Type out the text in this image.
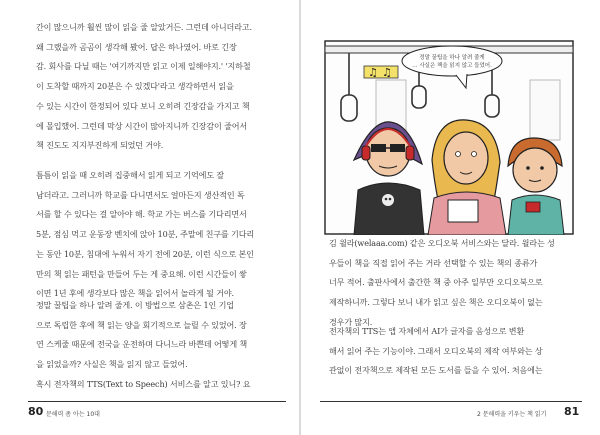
간이 많으니까 훨씬 많이 읽을 줄 알았거든. 그런데 아니더라고.
왜 그랬을까 곰곰이 생각해 봤어. 답은 하나였어. 바로 긴장
감. 회사를 다닐 때는 '여기까지만 읽고 이제 일해야지.' '지하철
이 도착할 때까지 20분은 수 있겠다'라고 생각하면서 읽을
수 있는 시간이 한정되어 있다 보니 오히려 긴장감을 가지고 책
에 몰입했어. 그런데 막상 시간이 많아지니까 긴장감이 줄어서
책 진도도 지지부진하게 되었던 거야.

틈틈이 읽을 때 오히려 집중해서 읽게 되고 기억에도 잘
남더라고. 그러니까 학교를 다니면서도 얼마든지 생산적인 독
서를 할 수 있다는 걸 알아야 해. 학교 가는 버스를 기다리면서
5분, 점심 먹고 운동장 벤치에 앉아 10분, 주말에 친구를 기다리
는 동안 10분, 침대에 누워서 자기 전에 20분, 이런 식으로 본인
만의 책 읽는 패턴을 만들어 두는 게 중요해. 이런 시간들이 쌓
이면 1년 후에 생각보다 많은 책을 읽어서 놀라게 될 거야.

정말 꿀팁을 하나 알려 줄게. 이 방법으로 삼촌은 1인 기업
으로 독립한 후에 책 읽는 양을 회기적으로 늘릴 수 있었어. 장
연 스케줄 때문에 전국을 운전하며 다니느라 바쁜데 어떻게 책
을 읽었을까? 사실은 책을 읽지 않고 들었어.

혹시 전자책의 TTS(Text to Speech) 서비스를 알고 있니? 요

80 문해력 좀 아는 10대
♫ ♫
정말 꿀팁을 하나 알려 줄게
… 사실은 책을 읽지 않고 들었어.

김 윌라(welaaa.com) 같은 오디오북 서비스와는 달라. 윌라는 성
우들이 책을 직접 읽어 주는 거라 선택할 수 있는 책의 종류가
너무 적어. 출판사에서 출간한 책 중 아주 일부만 오디오북으로
제작하니까. 그렇다 보니 내가 읽고 싶은 책은 오디오북이 없는
경우가 많지.

전자책의 TTS는 앱 자체에서 AI가 글자를 음성으로 변환
해서 읽어 주는 기능이야. 그래서 오디오북의 제작 여부와는 상
관없이 전자책으로 제작된 모든 도서를 들을 수 있어. 처음에는

2 문해력을 키우는 책 읽기 81
